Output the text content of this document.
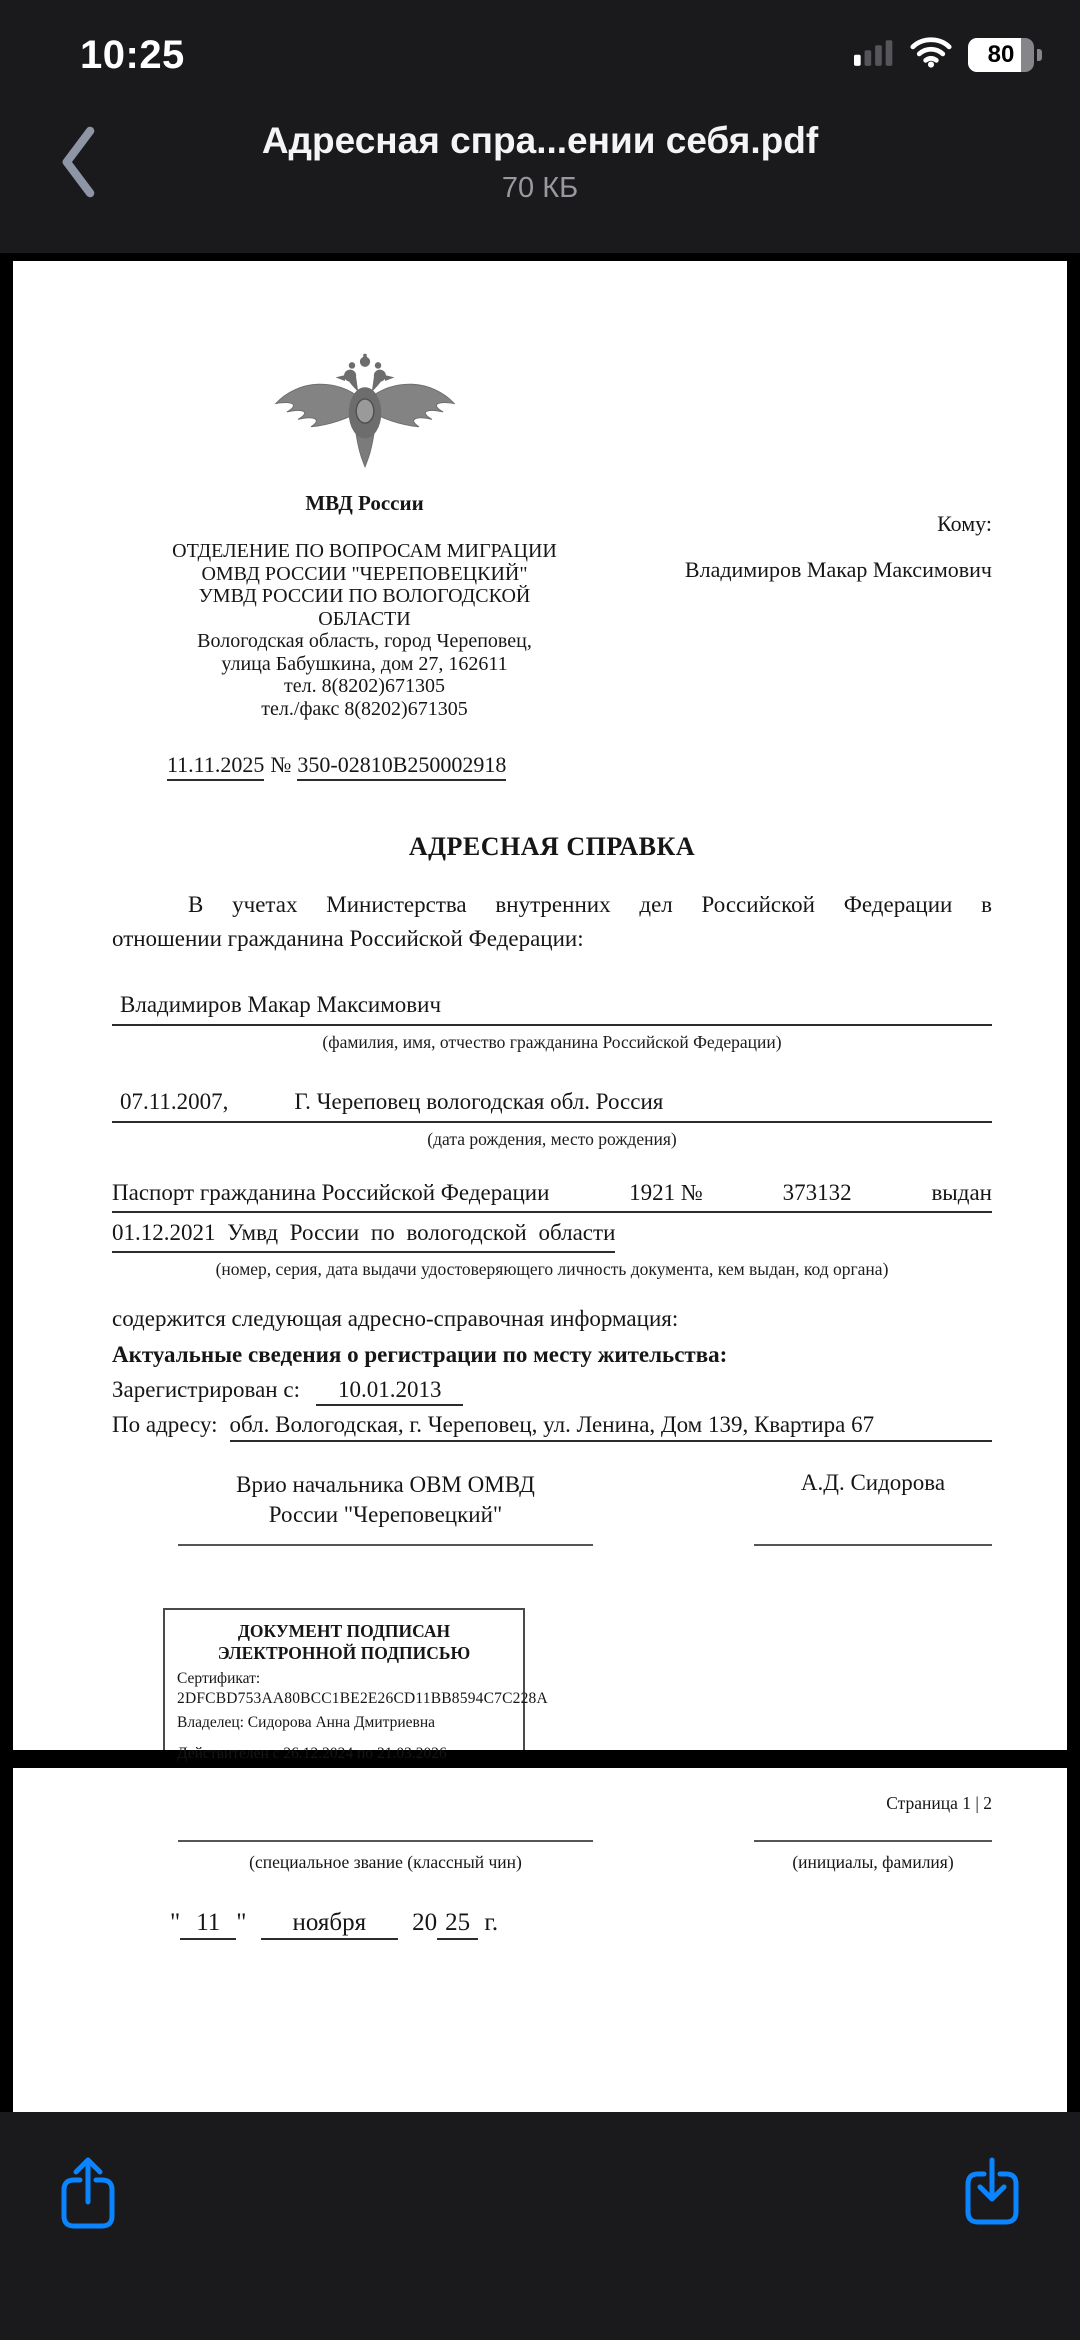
10:25	80
Адресная спра...ении себя.pdf
70 КБ
МВД России
ОТДЕЛЕНИЕ ПО ВОПРОСАМ МИГРАЦИИ
ОМВД РОССИИ "ЧЕРЕПОВЕЦКИЙ"
УМВД РОССИИ ПО ВОЛОГОДСКОЙ
ОБЛАСТИ
Вологодская область, город Череповец,
улица Бабушкина, дом 27, 162611
тел. 8(8202)671305
тел./факс 8(8202)671305
Кому:
Владимиров Макар Максимович
11.11.2025 № 350-02810В250002918
АДРЕСНАЯ СПРАВКА
В учетах Министерства внутренних дел Российской Федерации в
отношении гражданина Российской Федерации:
Владимиров Макар Максимович
(фамилия, имя, отчество гражданина Российской Федерации)
07.11.2007,	Г. Череповец вологодская обл. Россия
(дата рождения, место рождения)
Паспорт гражданина Российской Федерации	1921 №	373132	выдан
01.12.2021 Умвд России по вологодской области
(номер, серия, дата выдачи удостоверяющего личность документа, кем выдан, код органа)
содержится следующая адресно-справочная информация:
Актуальные сведения о регистрации по месту жительства:
Зарегистрирован с: 10.01.2013
По адресу: обл. Вологодская, г. Череповец, ул. Ленина, Дом 139, Квартира 67
Врио начальника ОВМ ОМВД
России "Череповецкий"
А.Д. Сидорова
ДОКУМЕНТ ПОДПИСАН
ЭЛЕКТРОННОЙ ПОДПИСЬЮ
Сертификат:
2DFCBD753AA80BCC1BE2E26CD11BB8594C7C228A
Владелец: Сидорова Анна Дмитриевна
Действителен с 26.12.2024 по 21.03.2026
Страница 1 | 2
(специальное звание (классный чин)	(инициалы, фамилия)
" 11 " ноября 20 25 г.
